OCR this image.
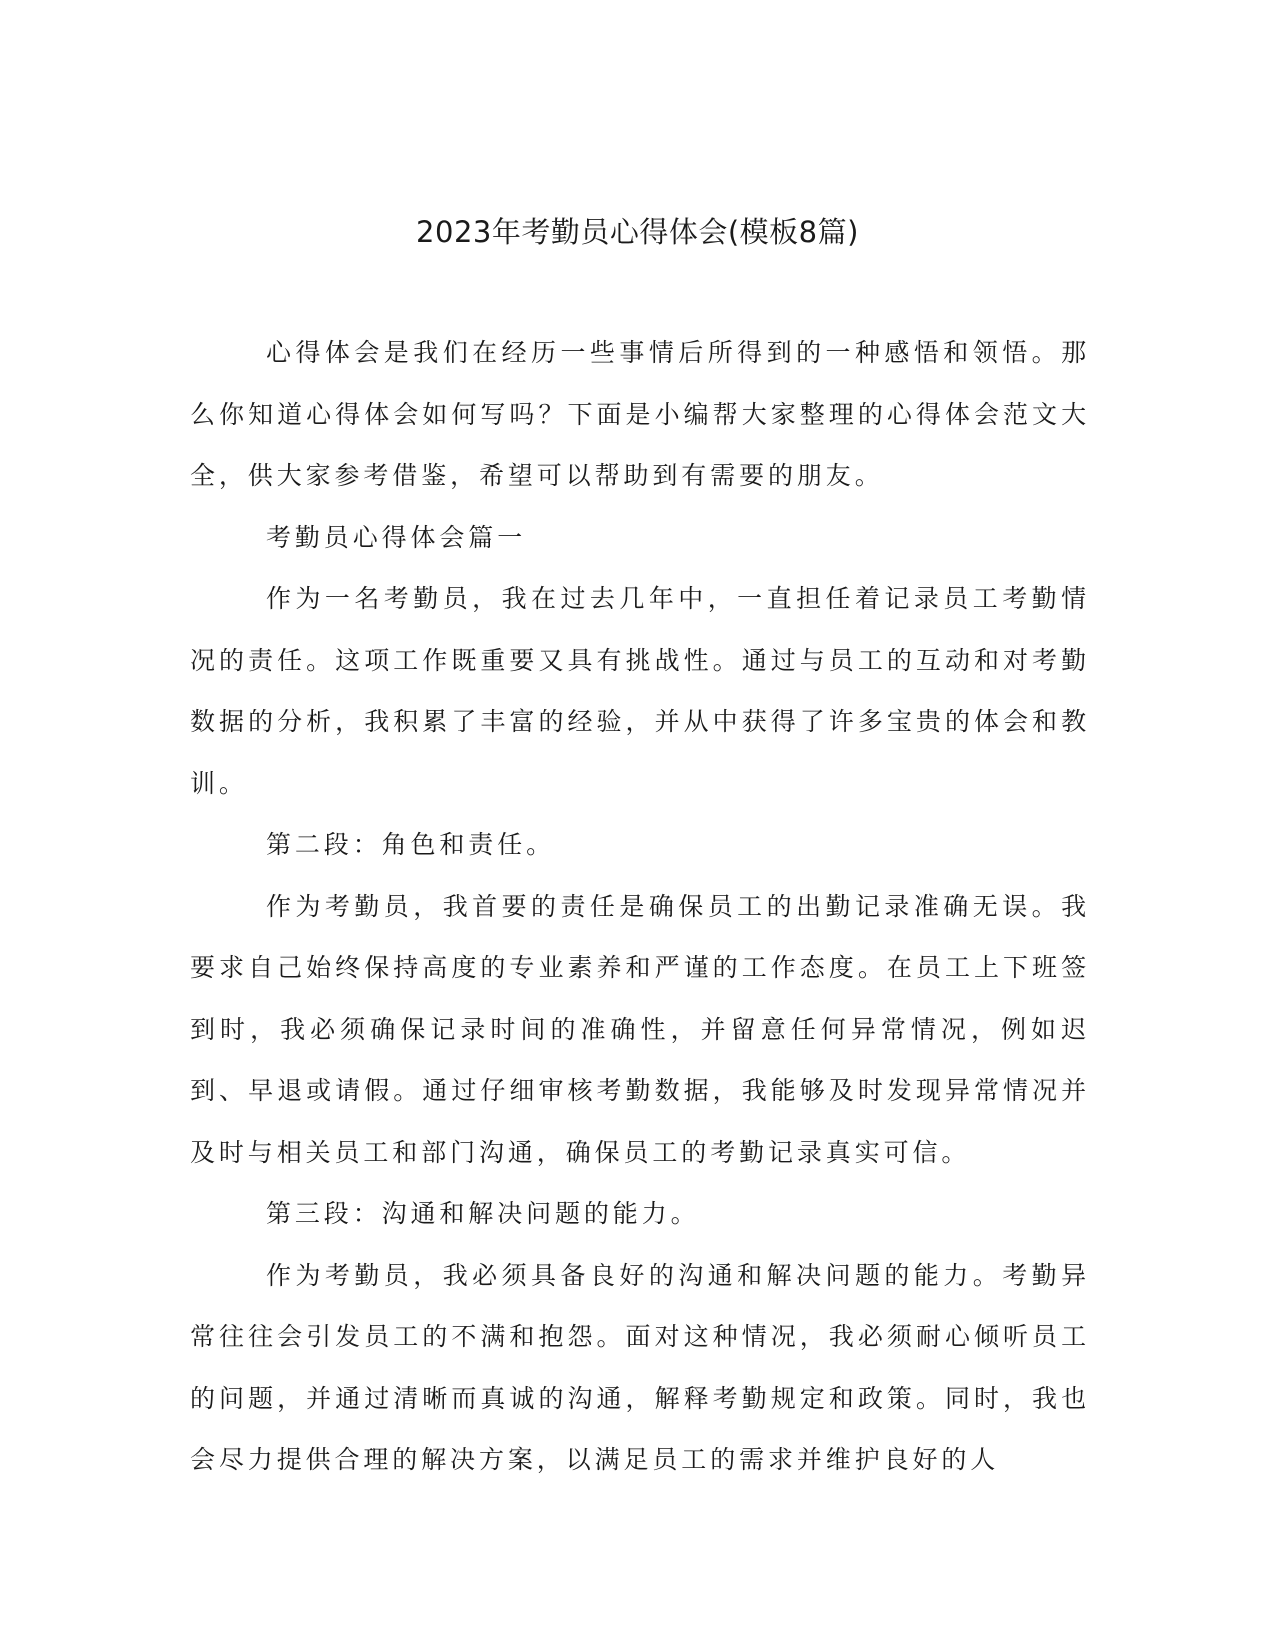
2023年考勤员心得体会(模板8篇)

心得体会是我们在经历一些事情后所得到的一种感悟和领悟。那么你知道心得体会如何写吗？下面是小编帮大家整理的心得体会范文大全，供大家参考借鉴，希望可以帮助到有需要的朋友。

考勤员心得体会篇一

作为一名考勤员，我在过去几年中，一直担任着记录员工考勤情况的责任。这项工作既重要又具有挑战性。通过与员工的互动和对考勤数据的分析，我积累了丰富的经验，并从中获得了许多宝贵的体会和教训。

第二段：角色和责任。

作为考勤员，我首要的责任是确保员工的出勤记录准确无误。我要求自己始终保持高度的专业素养和严谨的工作态度。在员工上下班签到时，我必须确保记录时间的准确性，并留意任何异常情况，例如迟到、早退或请假。通过仔细审核考勤数据，我能够及时发现异常情况并及时与相关员工和部门沟通，确保员工的考勤记录真实可信。

第三段：沟通和解决问题的能力。

作为考勤员，我必须具备良好的沟通和解决问题的能力。考勤异常往往会引发员工的不满和抱怨。面对这种情况，我必须耐心倾听员工的问题，并通过清晰而真诚的沟通，解释考勤规定和政策。同时，我也会尽力提供合理的解决方案，以满足员工的需求并维护良好的人
